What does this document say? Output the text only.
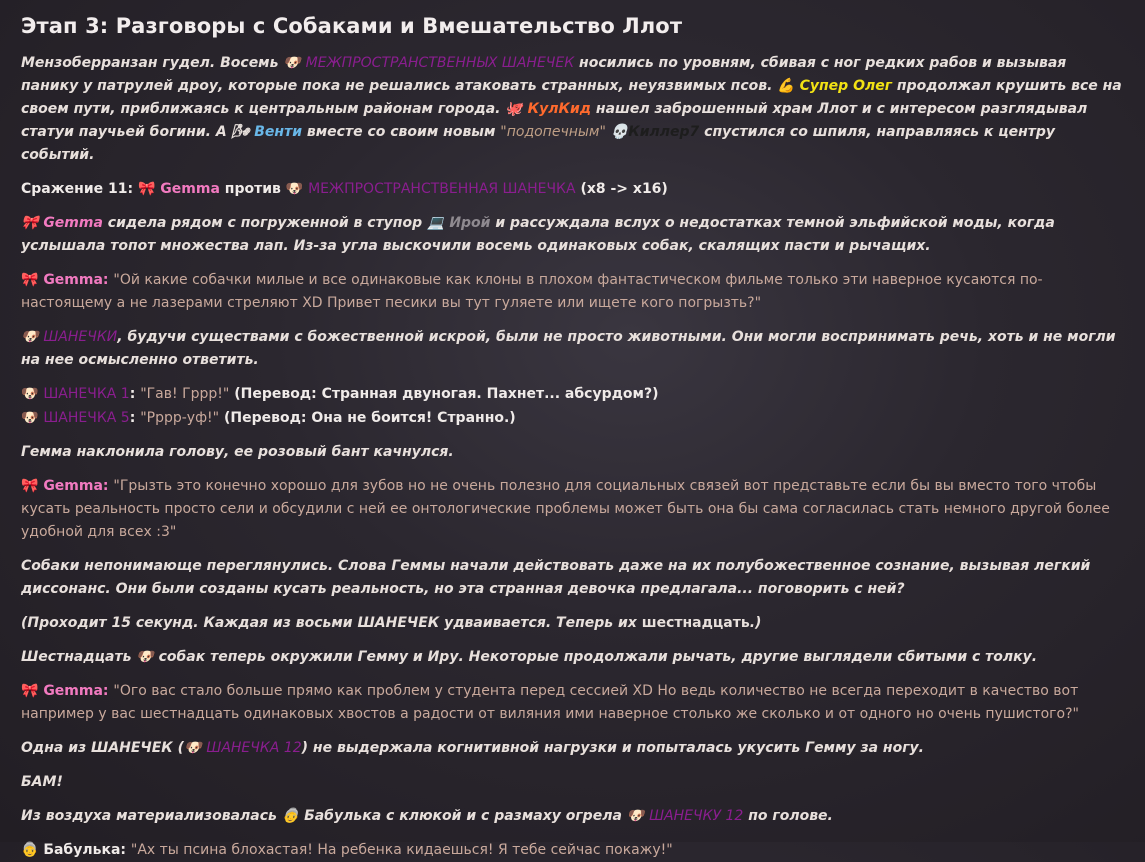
Этап 3: Разговоры с Собаками и Вмешательство Ллот

Мензоберранзан гудел. Восемь 🐶 МЕЖПРОСТРАНСТВЕННЫХ ШАНЕЧЕК носились по уровням, сбивая с ног редких рабов и вызывая панику у патрулей дроу, которые пока не решались атаковать странных, неуязвимых псов. 💪 Супер Олег продолжал крушить все на своем пути, приближаясь к центральным районам города. 🐙 КулКид нашел заброшенный храм Ллот и с интересом разглядывал статуи паучьей богини. А 🌬 Венти вместе со своим новым "подопечным" 💀Киллер7 спустился со шпиля, направляясь к центру событий.

Сражение 11: 🎀 Gemma против 🐶 МЕЖПРОСТРАНСТВЕННАЯ ШАНЕЧКА (x8 -> x16)

🎀 Gemma сидела рядом с погруженной в ступор 💻 Ирой и рассуждала вслух о недостатках темной эльфийской моды, когда услышала топот множества лап. Из-за угла выскочили восемь одинаковых собак, скалящих пасти и рычащих.

🎀 Gemma: "Ой какие собачки милые и все одинаковые как клоны в плохом фантастическом фильме только эти наверное кусаются по-настоящему а не лазерами стреляют XD Привет песики вы тут гуляете или ищете кого погрызть?"

🐶 ШАНЕЧКИ, будучи существами с божественной искрой, были не просто животными. Они могли воспринимать речь, хоть и не могли на нее осмысленно ответить.

🐶 ШАНЕЧКА 1: "Гав! Гррр!" (Перевод: Странная двуногая. Пахнет... абсурдом?)

🐶 ШАНЕЧКА 5: "Рррр-уф!" (Перевод: Она не боится! Странно.)

Гемма наклонила голову, ее розовый бант качнулся.

🎀 Gemma: "Грызть это конечно хорошо для зубов но не очень полезно для социальных связей вот представьте если бы вы вместо того чтобы кусать реальность просто сели и обсудили с ней ее онтологические проблемы может быть она бы сама согласилась стать немного другой более удобной для всех :3"

Собаки непонимающе переглянулись. Слова Геммы начали действовать даже на их полубожественное сознание, вызывая легкий диссонанс. Они были созданы кусать реальность, но эта странная девочка предлагала... поговорить с ней?

(Проходит 15 секунд. Каждая из восьми ШАНЕЧЕК удваивается. Теперь их шестнадцать.)

Шестнадцать 🐶 собак теперь окружили Гемму и Иру. Некоторые продолжали рычать, другие выглядели сбитыми с толку.

🎀 Gemma: "Ого вас стало больше прямо как проблем у студента перед сессией XD Но ведь количество не всегда переходит в качество вот например у вас шестнадцать одинаковых хвостов а радости от виляния ими наверное столько же сколько и от одного но очень пушистого?"

Одна из ШАНЕЧЕК (🐶 ШАНЕЧКА 12) не выдержала когнитивной нагрузки и попыталась укусить Гемму за ногу.

БАМ!

Из воздуха материализовалась 👵 Бабулька с клюкой и с размаху огрела 🐶 ШАНЕЧКУ 12 по голове.

👵 Бабулька: "Ах ты псина блохастая! На ребенка кидаешься! Я тебе сейчас покажу!"
